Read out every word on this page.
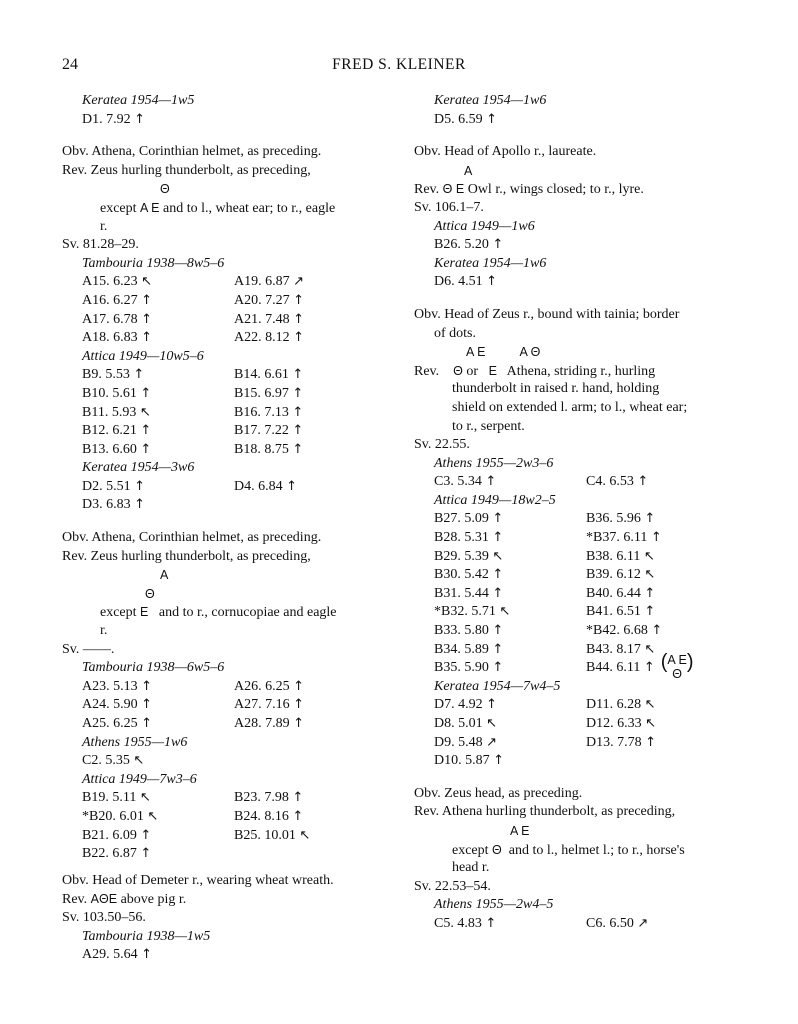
24	FRED S. KLEINER
Keratea 1954—1w5
D1. 7.92 ↑
Obv. Athena, Corinthian helmet, as preceding.
Rev. Zeus hurling thunderbolt, as preceding,
Θ
except A E and to l., wheat ear; to r., eagle
r.
Sv. 81.28–29.
Tambouria 1938—8w5–6
A15. 6.23 ↖	A19. 6.87 ↗
A16. 6.27 ↑	A20. 7.27 ↑
A17. 6.78 ↑	A21. 7.48 ↑
A18. 6.83 ↑	A22. 8.12 ↑
Attica 1949—10w5–6
B9. 5.53 ↑	B14. 6.61 ↑
B10. 5.61 ↑	B15. 6.97 ↑
B11. 5.93 ↖	B16. 7.13 ↑
B12. 6.21 ↑	B17. 7.22 ↑
B13. 6.60 ↑	B18. 8.75 ↑
Keratea 1954—3w6
D2. 5.51 ↑	D4. 6.84 ↑
D3. 6.83 ↑
Obv. Athena, Corinthian helmet, as preceding.
Rev. Zeus hurling thunderbolt, as preceding,
A
Θ
except E and to r., cornucopiae and eagle
r.
Sv. ——.
Tambouria 1938—6w5–6
A23. 5.13 ↑	A26. 6.25 ↑
A24. 5.90 ↑	A27. 7.16 ↑
A25. 6.25 ↑	A28. 7.89 ↑
Athens 1955—1w6
C2. 5.35 ↖
Attica 1949—7w3–6
B19. 5.11 ↖	B23. 7.98 ↑
*B20. 6.01 ↖	B24. 8.16 ↑
B21. 6.09 ↑	B25. 10.01 ↖
B22. 6.87 ↑
Obv. Head of Demeter r., wearing wheat wreath.
Rev. AΘE above pig r.
Sv. 103.50–56.
Tambouria 1938—1w5
A29. 5.64 ↑
Keratea 1954—1w6
D5. 6.59 ↑
Obv. Head of Apollo r., laureate.
A
Rev. Θ E Owl r., wings closed; to r., lyre.
Sv. 106.1–7.
Attica 1949—1w6
B26. 5.20 ↑
Keratea 1954—1w6
D6. 4.51 ↑
Obv. Head of Zeus r., bound with tainia; border
of dots.
A E	A Θ
Rev. Θ or E Athena, striding r., hurling
thunderbolt in raised r. hand, holding
shield on extended l. arm; to l., wheat ear;
to r., serpent.
Sv. 22.55.
Athens 1955—2w3–6
C3. 5.34 ↑	C4. 6.53 ↑
Attica 1949—18w2–5
B27. 5.09 ↑	B36. 5.96 ↑
B28. 5.31 ↑	*B37. 6.11 ↑
B29. 5.39 ↖	B38. 6.11 ↖
B30. 5.42 ↑	B39. 6.12 ↖
B31. 5.44 ↑	B40. 6.44 ↑
*B32. 5.71 ↖	B41. 6.51 ↑
B33. 5.80 ↑	*B42. 6.68 ↑
B34. 5.89 ↑	B43. 8.17 ↖
B35. 5.90 ↑	B44. 6.11 ↑ (A E
Θ)
Keratea 1954—7w4–5
D7. 4.92 ↑	D11. 6.28 ↖
D8. 5.01 ↖	D12. 6.33 ↖
D9. 5.48 ↗	D13. 7.78 ↑
D10. 5.87 ↑
Obv. Zeus head, as preceding.
Rev. Athena hurling thunderbolt, as preceding,
A E
except Θ and to l., helmet l.; to r., horse's
head r.
Sv. 22.53–54.
Athens 1955—2w4–5
C5. 4.83 ↑	C6. 6.50 ↗
